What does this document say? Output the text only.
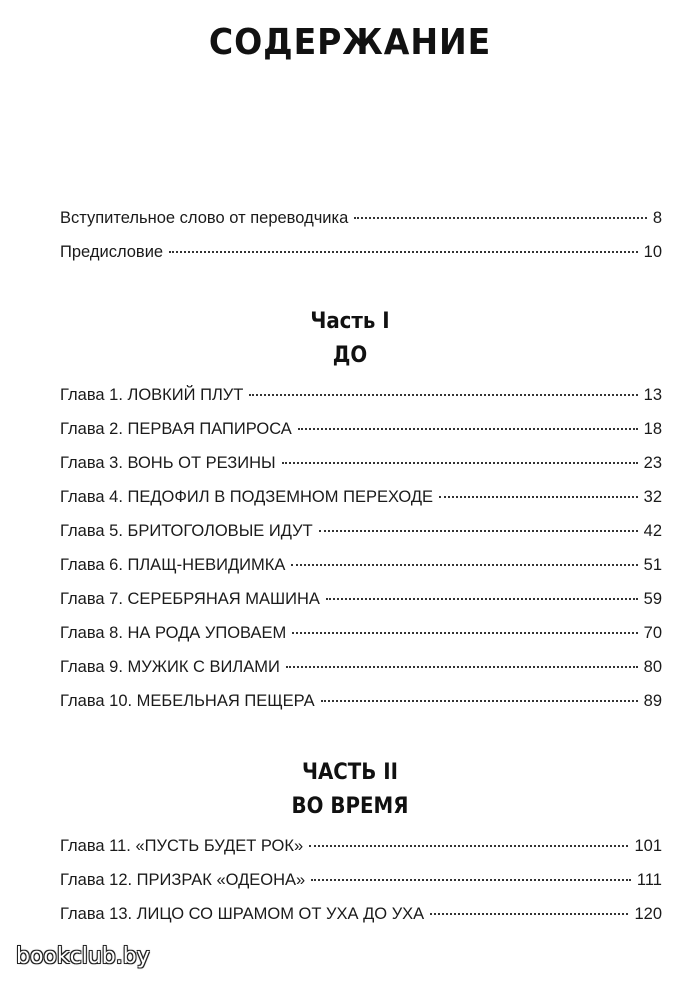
СОДЕРЖАНИЕ
Вступительное слово от переводчика	8
Предисловие	10
Часть I
ДО
Глава 1. ЛОВКИЙ ПЛУТ	13
Глава 2. ПЕРВАЯ ПАПИРОСА	18
Глава 3. ВОНЬ ОТ РЕЗИНЫ	23
Глава 4. ПЕДОФИЛ В ПОДЗЕМНОМ ПЕРЕХОДЕ	32
Глава 5. БРИТОГОЛОВЫЕ ИДУТ	42
Глава 6. ПЛАЩ-НЕВИДИМКА	51
Глава 7. СЕРЕБРЯНАЯ МАШИНА	59
Глава 8. НА РОДА УПОВАЕМ	70
Глава 9. МУЖИК С ВИЛАМИ	80
Глава 10. МЕБЕЛЬНАЯ ПЕЩЕРА	89
ЧАСТЬ II
ВО ВРЕМЯ
Глава 11. «ПУСТЬ БУДЕТ РОК»	101
Глава 12. ПРИЗРАК «ОДЕОНА»	111
Глава 13. ЛИЦО СО ШРАМОМ ОТ УХА ДО УХА	120
bookclub.by
